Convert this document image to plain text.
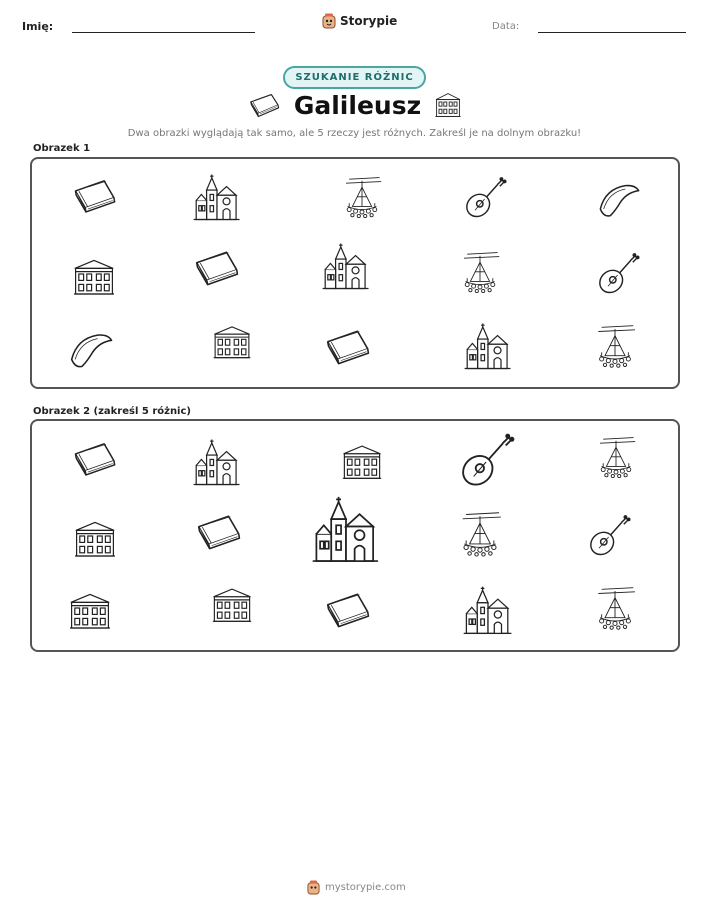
Imię:	Storypie	Data:
SZUKANIE RÓŻNIC
Galileusz
Dwa obrazki wyglądają tak samo, ale 5 rzeczy jest różnych. Zakreśl je na dolnym obrazku!
Obrazek 1
Obrazek 2 (zakreśl 5 różnic)
mystorypie.com
